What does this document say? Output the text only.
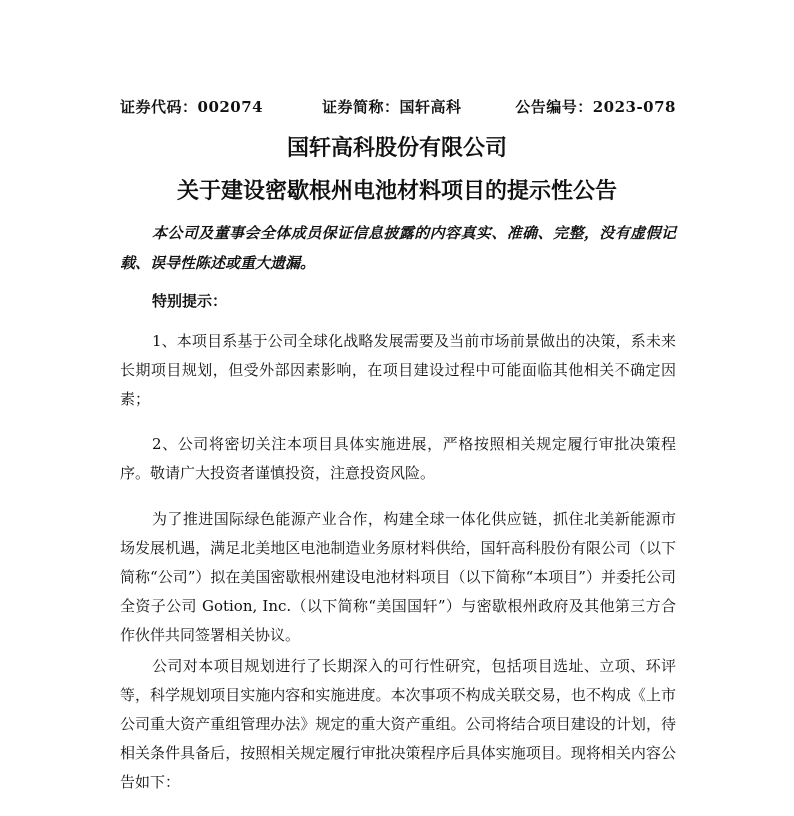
证券代码：002074	证券简称：国轩高科	公告编号：2023-078
国轩高科股份有限公司
关于建设密歇根州电池材料项目的提示性公告

本公司及董事会全体成员保证信息披露的内容真实、准确、完整，没有虚假记载、误导性陈述或重大遗漏。

特别提示：

1、本项目系基于公司全球化战略发展需要及当前市场前景做出的决策，系未来长期项目规划，但受外部因素影响，在项目建设过程中可能面临其他相关不确定因素；

2、公司将密切关注本项目具体实施进展，严格按照相关规定履行审批决策程序。敬请广大投资者谨慎投资，注意投资风险。

为了推进国际绿色能源产业合作，构建全球一体化供应链，抓住北美新能源市场发展机遇，满足北美地区电池制造业务原材料供给，国轩高科股份有限公司（以下简称“公司”）拟在美国密歇根州建设电池材料项目（以下简称“本项目”）并委托公司全资子公司 Gotion, Inc.（以下简称“美国国轩”）与密歇根州政府及其他第三方合作伙伴共同签署相关协议。

公司对本项目规划进行了长期深入的可行性研究，包括项目选址、立项、环评等，科学规划项目实施内容和实施进度。本次事项不构成关联交易，也不构成《上市公司重大资产重组管理办法》规定的重大资产重组。公司将结合项目建设的计划，待相关条件具备后，按照相关规定履行审批决策程序后具体实施项目。现将相关内容公告如下：
